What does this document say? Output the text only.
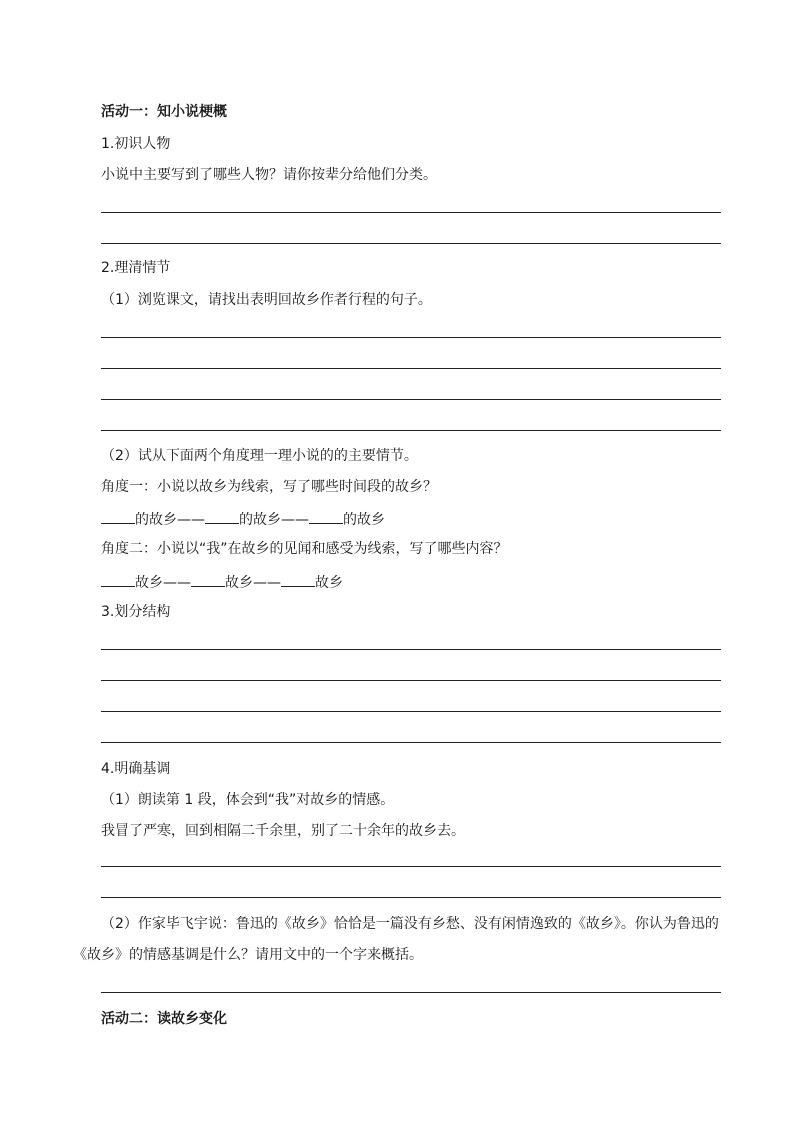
活动一：知小说梗概
1.初识人物
小说中主要写到了哪些人物？请你按辈分给他们分类。
2.理清情节
（1）浏览课文，请找出表明回故乡作者行程的句子。
（2）试从下面两个角度理一理小说的的主要情节。
角度一：小说以故乡为线索，写了哪些时间段的故乡？
的故乡—— 的故乡—— 的故乡
角度二：小说以“我”在故乡的见闻和感受为线索，写了哪些内容？
故乡—— 故乡—— 故乡
3.划分结构
4.明确基调
（1）朗读第 1 段，体会到“我”对故乡的情感。
我冒了严寒，回到相隔二千余里，别了二十余年的故乡去。
（2）作家毕飞宇说：鲁迅的《故乡》恰恰是一篇没有乡愁、没有闲情逸致的《故乡》。你认为鲁迅的
《故乡》的情感基调是什么？请用文中的一个字来概括。
活动二：读故乡变化
